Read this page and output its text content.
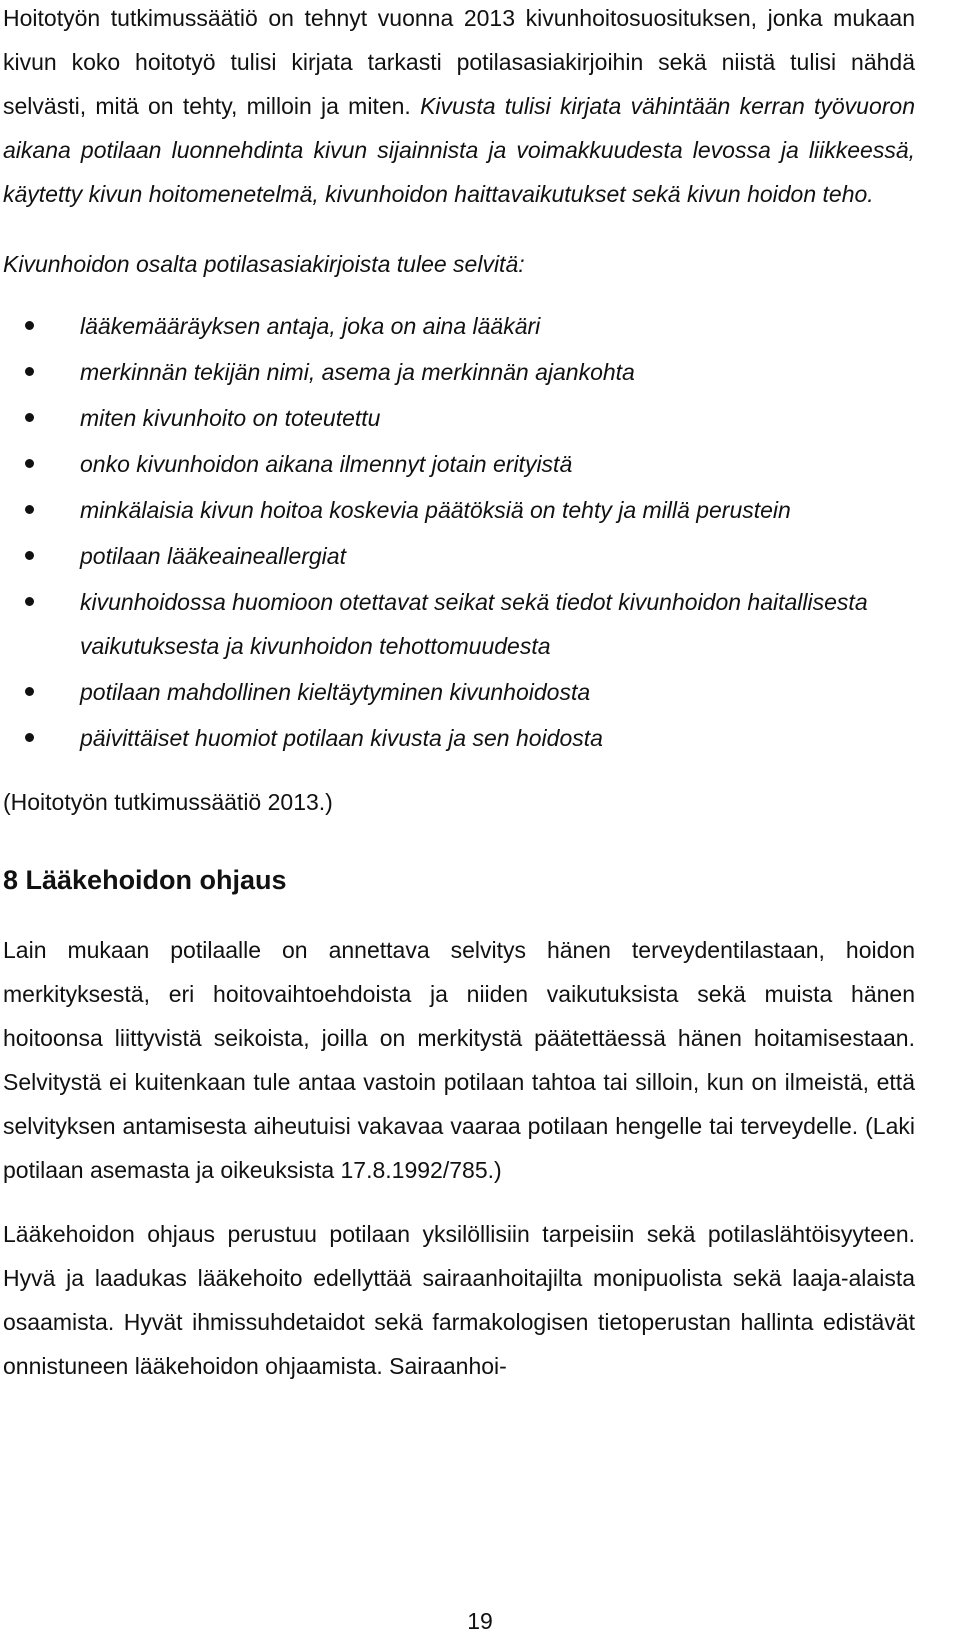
Hoitotyön tutkimussäätiö on tehnyt vuonna 2013 kivunhoitosuosituksen, jonka mukaan kivun koko hoitotyö tulisi kirjata tarkasti potilasasiakirjoihin sekä niistä tulisi nähdä selvästi, mitä on tehty, milloin ja miten. Kivusta tulisi kirjata vähintään kerran työvuoron aikana potilaan luonnehdinta kivun sijainnista ja voimakkuudesta levossa ja liikkeessä, käytetty kivun hoitomenetelmä, kivunhoidon haittavaikutukset sekä kivun hoidon teho.

Kivunhoidon osalta potilasasiakirjoista tulee selvitä:

lääkemääräyksen antaja, joka on aina lääkäri
merkinnän tekijän nimi, asema ja merkinnän ajankohta
miten kivunhoito on toteutettu
onko kivunhoidon aikana ilmennyt jotain erityistä
minkälaisia kivun hoitoa koskevia päätöksiä on tehty ja millä perustein
potilaan lääkeaineallergiat
kivunhoidossa huomioon otettavat seikat sekä tiedot kivunhoidon haitallisesta vaikutuksesta ja kivunhoidon tehottomuudesta
potilaan mahdollinen kieltäytyminen kivunhoidosta
päivittäiset huomiot potilaan kivusta ja sen hoidosta

(Hoitotyön tutkimussäätiö 2013.)

8 Lääkehoidon ohjaus

Lain mukaan potilaalle on annettava selvitys hänen terveydentilastaan, hoidon merkityksestä, eri hoitovaihtoehdoista ja niiden vaikutuksista sekä muista hänen hoitoonsa liittyvistä seikoista, joilla on merkitystä päätettäessä hänen hoitamisestaan. Selvitystä ei kuitenkaan tule antaa vastoin potilaan tahtoa tai silloin, kun on ilmeistä, että selvityksen antamisesta aiheutuisi vakavaa vaaraa potilaan hengelle tai terveydelle. (Laki potilaan asemasta ja oikeuksista 17.8.1992/785.)

Lääkehoidon ohjaus perustuu potilaan yksilöllisiin tarpeisiin sekä potilaslähtöisyyteen. Hyvä ja laadukas lääkehoito edellyttää sairaanhoitajilta monipuolista sekä laaja-alaista osaamista. Hyvät ihmissuhdetaidot sekä farmakologisen tietoperustan hallinta edistävät onnistuneen lääkehoidon ohjaamista. Sairaanhoi-

19
